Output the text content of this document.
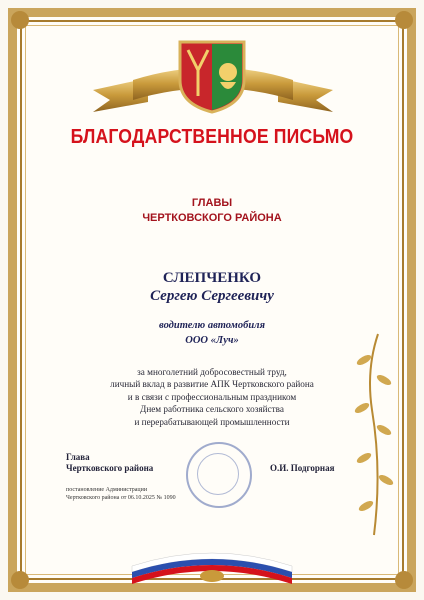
БЛАГОДАРСТВЕННОЕ ПИСЬМО
ГЛАВЫ
ЧЕРТКОВСКОГО РАЙОНА
СЛЕПЧЕНКО
Сергею Сергеевичу
водителю автомобиля
ООО «Луч»
за многолетний добросовестный труд,
личный вклад в развитие АПК Чертковского района
и в связи с профессиональным праздником
Днем работника сельского хозяйства
и перерабатывающей промышленности
Глава
Чертковского района	О.И. Подгорная
постановление Администрации
Чертковского района от 06.10.2025 № 1090
